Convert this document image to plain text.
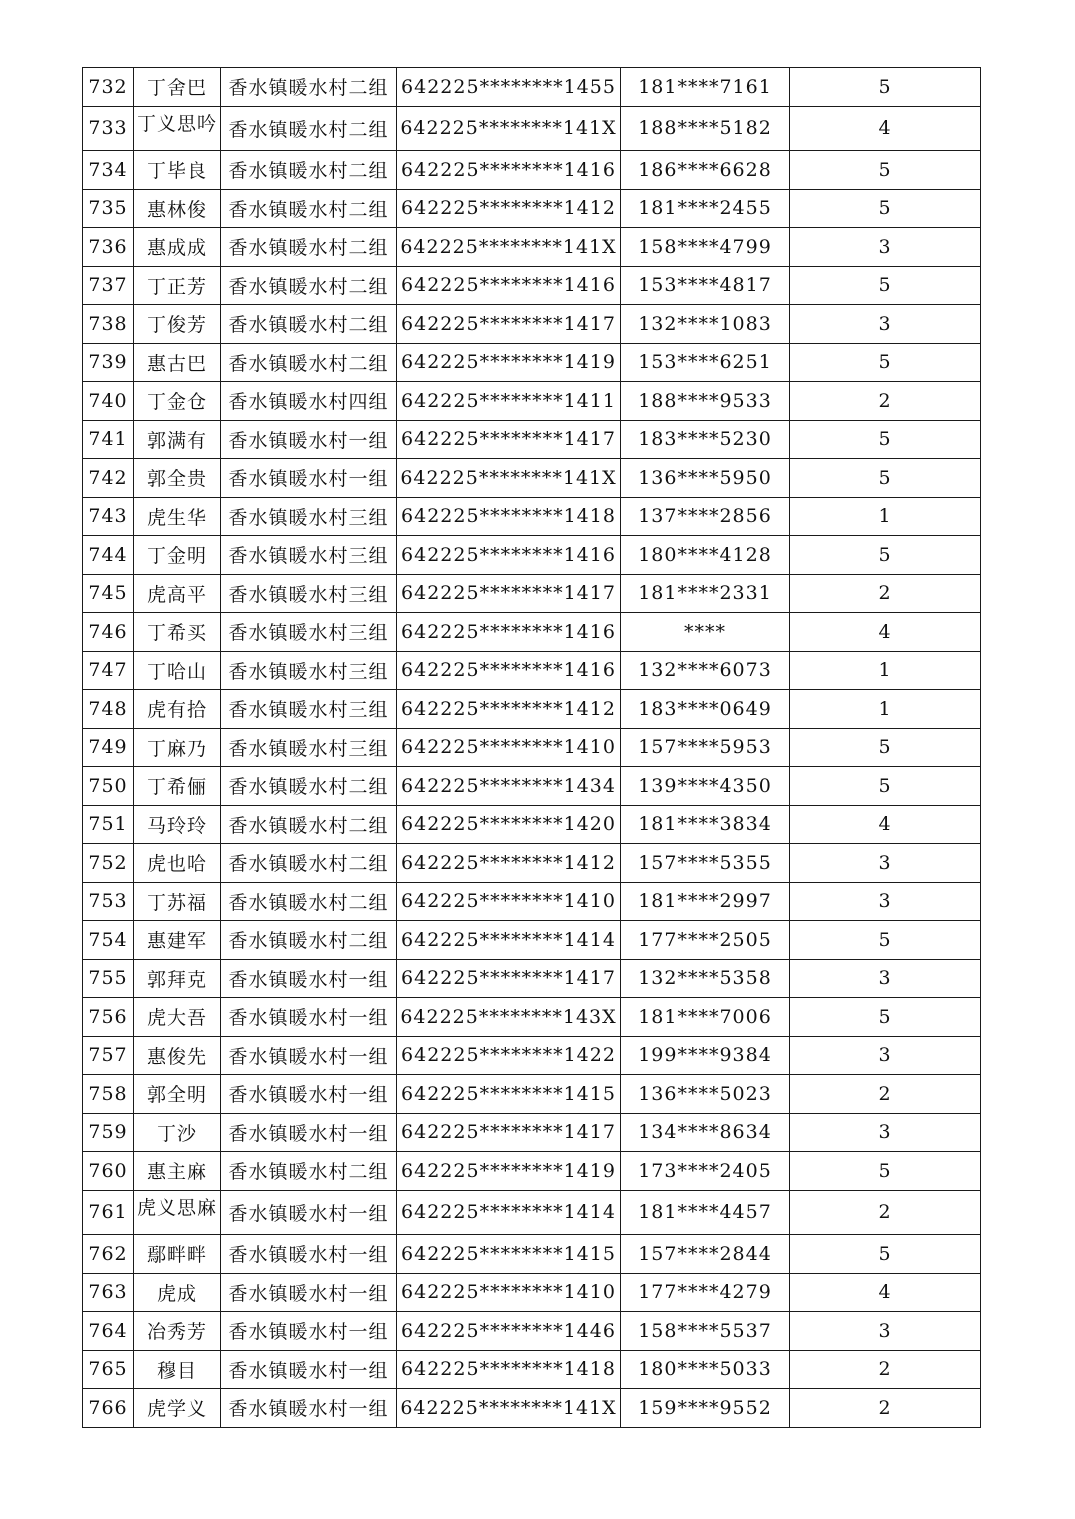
732	丁舍巴	香水镇暖水村二组	642225********1455	181****7161	5
733	丁义思吟	香水镇暖水村二组	642225********141X	188****5182	4
734	丁毕良	香水镇暖水村二组	642225********1416	186****6628	5
735	惠林俊	香水镇暖水村二组	642225********1412	181****2455	5
736	惠成成	香水镇暖水村二组	642225********141X	158****4799	3
737	丁正芳	香水镇暖水村二组	642225********1416	153****4817	5
738	丁俊芳	香水镇暖水村二组	642225********1417	132****1083	3
739	惠古巴	香水镇暖水村二组	642225********1419	153****6251	5
740	丁金仓	香水镇暖水村四组	642225********1411	188****9533	2
741	郭满有	香水镇暖水村一组	642225********1417	183****5230	5
742	郭全贵	香水镇暖水村一组	642225********141X	136****5950	5
743	虎生华	香水镇暖水村三组	642225********1418	137****2856	1
744	丁金明	香水镇暖水村三组	642225********1416	180****4128	5
745	虎高平	香水镇暖水村三组	642225********1417	181****2331	2
746	丁希买	香水镇暖水村三组	642225********1416	****	4
747	丁哈山	香水镇暖水村三组	642225********1416	132****6073	1
748	虎有拾	香水镇暖水村三组	642225********1412	183****0649	1
749	丁麻乃	香水镇暖水村三组	642225********1410	157****5953	5
750	丁希俪	香水镇暖水村二组	642225********1434	139****4350	5
751	马玲玲	香水镇暖水村二组	642225********1420	181****3834	4
752	虎也哈	香水镇暖水村二组	642225********1412	157****5355	3
753	丁苏福	香水镇暖水村二组	642225********1410	181****2997	3
754	惠建军	香水镇暖水村二组	642225********1414	177****2505	5
755	郭拜克	香水镇暖水村一组	642225********1417	132****5358	3
756	虎大吾	香水镇暖水村一组	642225********143X	181****7006	5
757	惠俊先	香水镇暖水村一组	642225********1422	199****9384	3
758	郭全明	香水镇暖水村一组	642225********1415	136****5023	2
759	丁沙	香水镇暖水村一组	642225********1417	134****8634	3
760	惠主麻	香水镇暖水村二组	642225********1419	173****2405	5
761	虎义思麻	香水镇暖水村一组	642225********1414	181****4457	2
762	鄢畔畔	香水镇暖水村一组	642225********1415	157****2844	5
763	虎成	香水镇暖水村一组	642225********1410	177****4279	4
764	冶秀芳	香水镇暖水村一组	642225********1446	158****5537	3
765	穆目	香水镇暖水村一组	642225********1418	180****5033	2
766	虎学义	香水镇暖水村一组	642225********141X	159****9552	2
